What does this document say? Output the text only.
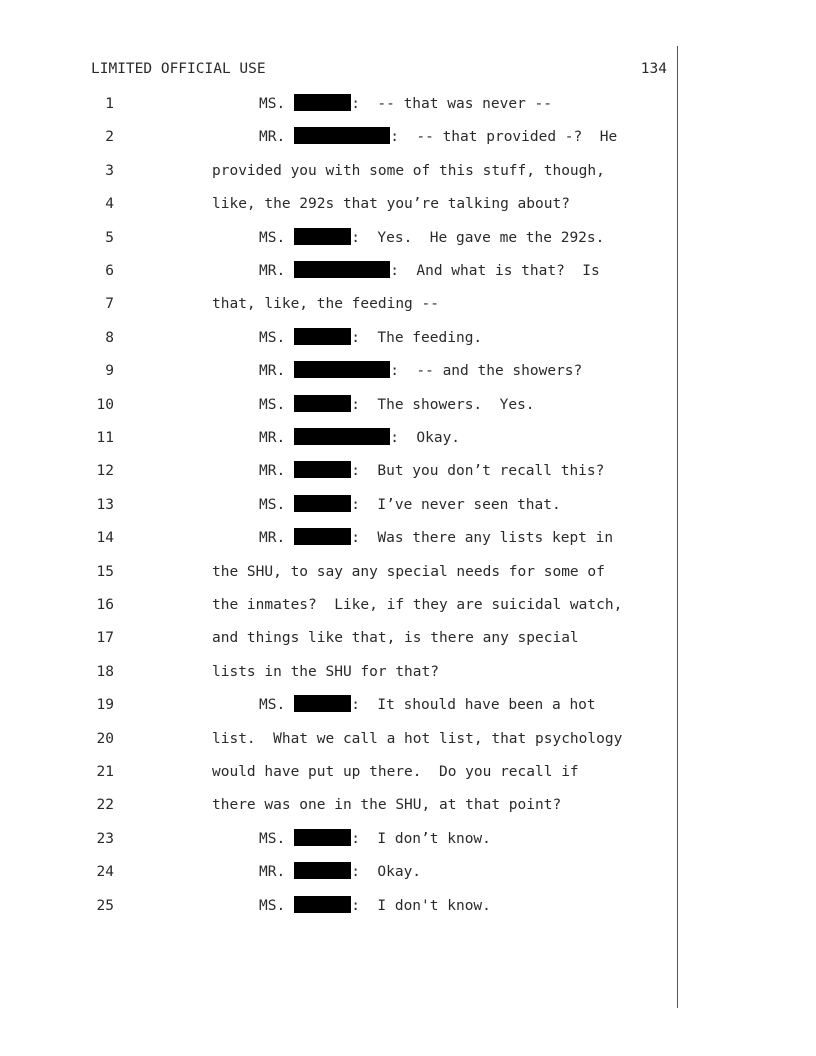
LIMITED OFFICIAL USE	134
1	MS.	:  -- that was never --
2	MR.	:  -- that provided -?  He
3	provided you with some of this stuff, though,
4	like, the 292s that you’re talking about?
5	MS.	:  Yes.  He gave me the 292s.
6	MR.	:  And what is that?  Is
7	that, like, the feeding --
8	MS.	:  The feeding.
9	MR.	:  -- and the showers?
10	MS.	:  The showers.  Yes.
11	MR.	:  Okay.
12	MR.	:  But you don’t recall this?
13	MS.	:  I’ve never seen that.
14	MR.	:  Was there any lists kept in
15	the SHU, to say any special needs for some of
16	the inmates?  Like, if they are suicidal watch,
17	and things like that, is there any special
18	lists in the SHU for that?
19	MS.	:  It should have been a hot
20	list.  What we call a hot list, that psychology
21	would have put up there.  Do you recall if
22	there was one in the SHU, at that point?
23	MS.	:  I don’t know.
24	MR.	:  Okay.
25	MS.	:  I don't know.
